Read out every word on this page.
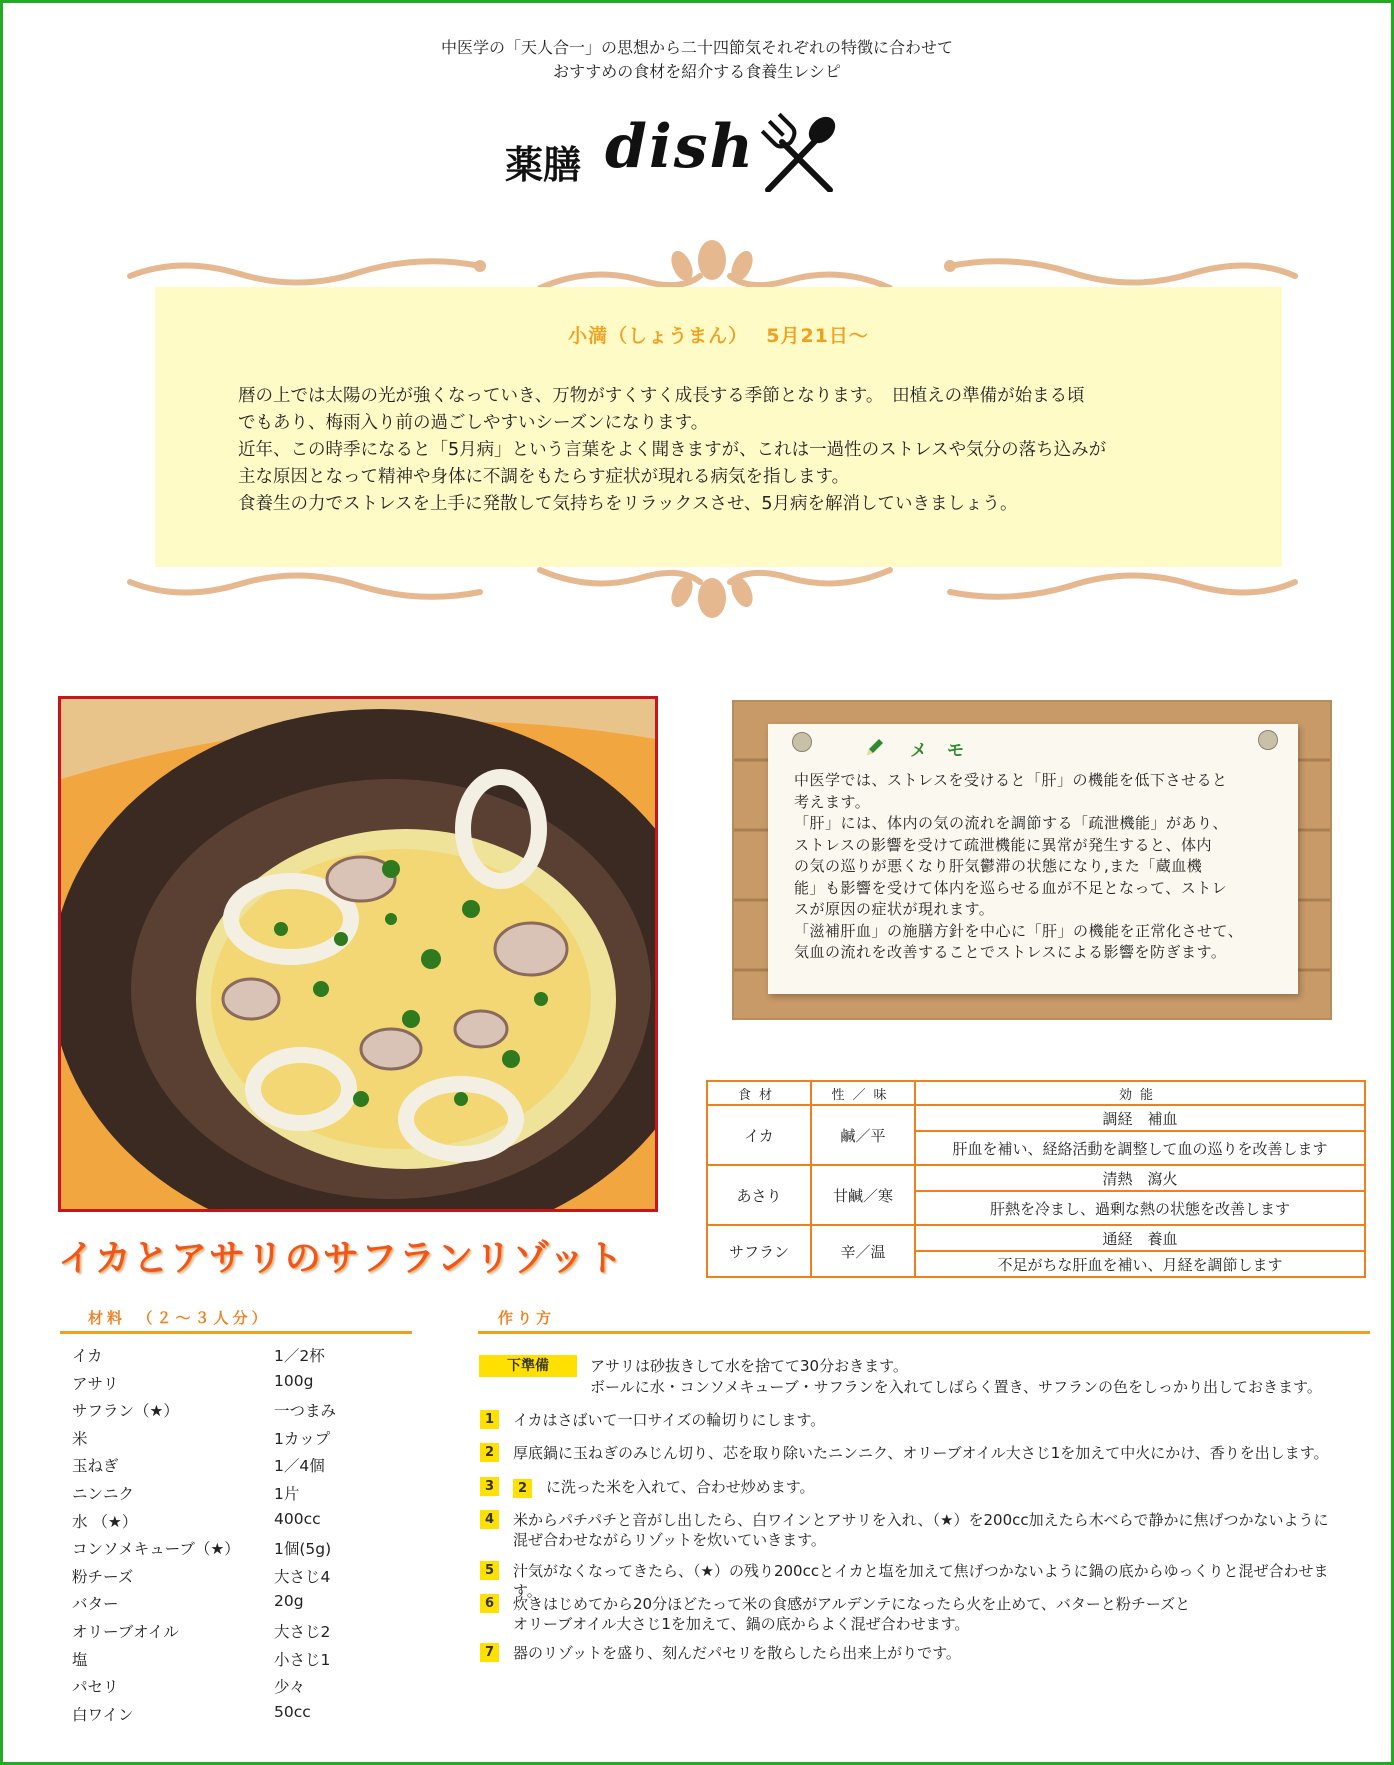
中医学の「天人合一」の思想から二十四節気それぞれの特徴に合わせて
おすすめの食材を紹介する食養生レシピ
薬膳 dish
小満（しょうまん）　 5月21日～

暦の上では太陽の光が強くなっていき、万物がすくすく成長する季節となります。　田植えの準備が始まる頃

でもあり、梅雨入り前の過ごしやすいシーズンになります。

近年、この時季になると「5月病」という言葉をよく聞きますが、これは一過性のストレスや気分の落ち込みが

主な原因となって精神や身体に不調をもたらす症状が現れる病気を指します。

食養生の力でストレスを上手に発散して気持ちをリラックスさせ、5月病を解消していきましょう。

メモ

中医学では、ストレスを受けると「肝」の機能を低下させると

考えます。

「肝」には、体内の気の流れを調節する「疏泄機能」があり、

ストレスの影響を受けて疏泄機能に異常が発生すると、体内

の気の巡りが悪くなり肝気鬱滞の状態になり,また「蔵血機

能」も影響を受けて体内を巡らせる血が不足となって、ストレ

スが原因の症状が現れます。

「滋補肝血」の施膳方針を中心に「肝」の機能を正常化させて、

気血の流れを改善することでストレスによる影響を防ぎます。

食材	性／味	効能
イカ	鹹／平	調経　補血
		肝血を補い、経絡活動を調整して血の巡りを改善します
あさり	甘鹹／寒	清熱　瀉火
		肝熱を冷まし、過剰な熱の状態を改善します
サフラン	辛／温	通経　養血
		不足がちな肝血を補い、月経を調節します
イカとアサリのサフランリゾット
材料　（２～３人分）
イカ	1／2杯
アサリ	100g
サフラン（★）	一つまみ
米	1カップ
玉ねぎ	1／4個
ニンニク	1片
水 （★）	400cc
コンソメキューブ（★） 1個(5g)
粉チーズ	大さじ4
バター	20g
オリーブオイル	大さじ2
塩	小さじ1
パセリ	少々
白ワイン	50cc
作り方
下準備	アサリは砂抜きして水を捨てて30分おきます。
ボールに水・コンソメキューブ・サフランを入れてしばらく置き、サフランの色をしっかり出しておきます。
1	イカはさばいて一口サイズの輪切りにします。
2	厚底鍋に玉ねぎのみじん切り、芯を取り除いたニンニク、オリーブオイル大さじ1を加えて中火にかけ、香りを出します。
3	2 に洗った米を入れて、合わせ炒めます。
4	米からパチパチと音がし出したら、白ワインとアサリを入れ、（★）を200cc加えたら木べらで静かに焦げつかないように
混ぜ合わせながらリゾットを炊いていきます。
5	汁気がなくなってきたら、（★）の残り200ccとイカと塩を加えて焦げつかないように鍋の底からゆっくりと混ぜ合わせます。
6	炊きはじめてから20分ほどたって米の食感がアルデンテになったら火を止めて、バターと粉チーズと
オリーブオイル大さじ1を加えて、鍋の底からよく混ぜ合わせます。
7	器のリゾットを盛り、刻んだパセリを散らしたら出来上がりです。
